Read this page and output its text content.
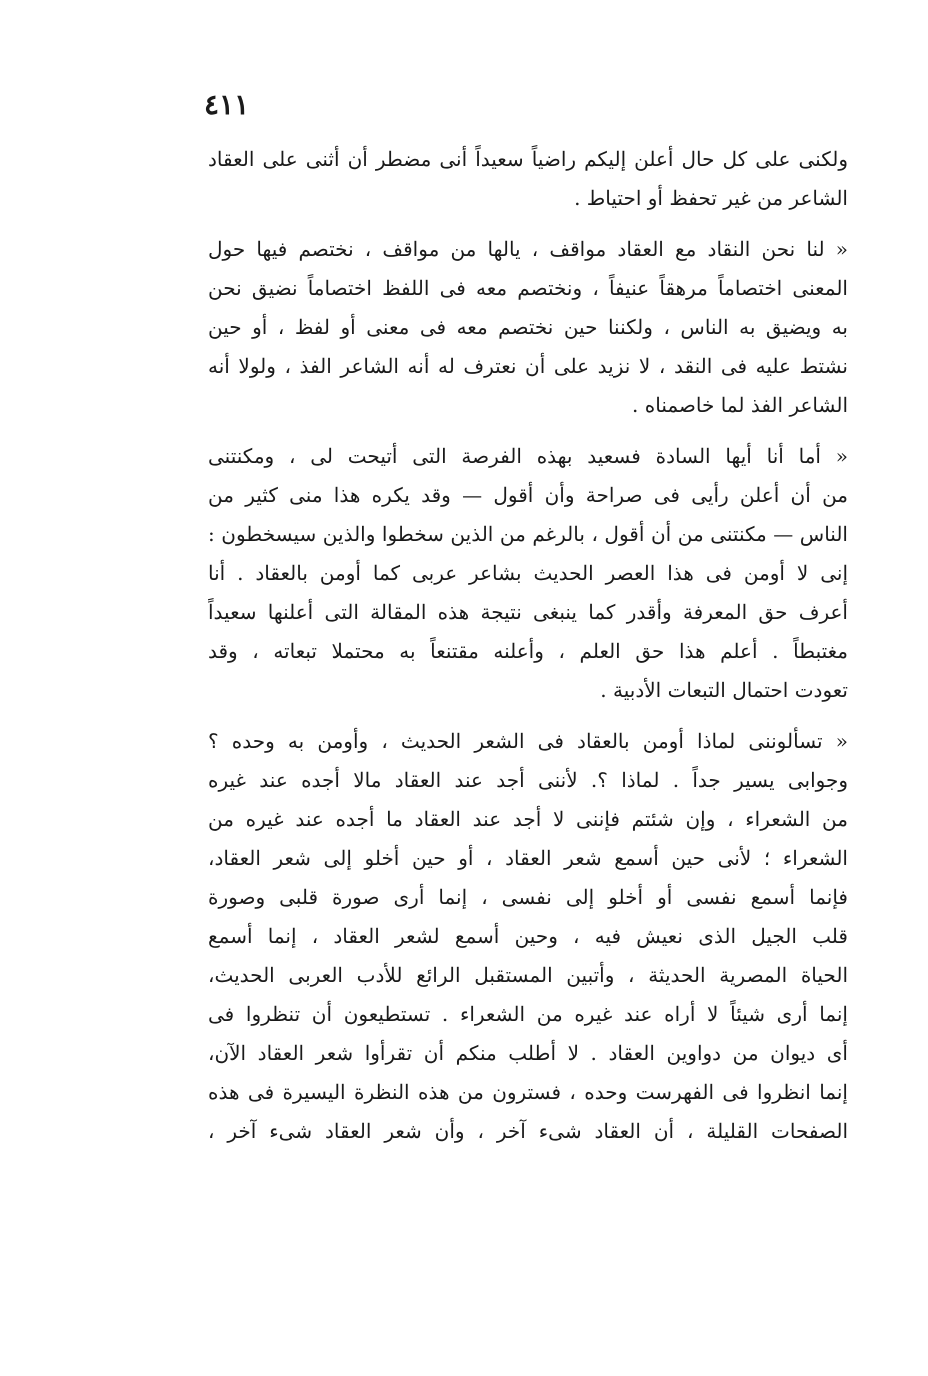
٤١١
ولكنى على كل حال أعلن إليكم راضياً سعيداً أنى مضطر أن أثنى على العقاد
الشاعر من غير تحفظ أو احتياط .
« لنا نحن النقاد مع العقاد مواقف ، يالها من مواقف ، نختصم فيها حول
المعنى اختصاماً مرهقاً عنيفاً ، ونختصم معه فى اللفظ اختصاماً نضيق نحن
به ويضيق به الناس ، ولكننا حين نختصم معه فى معنى أو لفظ ، أو حين
نشتط عليه فى النقد ، لا نزيد على أن نعترف له أنه الشاعر الفذ ، ولولا أنه
الشاعر الفذ لما خاصمناه .
« أما أنا أيها السادة فسعيد بهذه الفرصة التى أتيحت لى ، ومكنتنى
من أن أعلن رأيى فى صراحة وأن أقول — وقد يكره هذا منى كثير من
الناس — مكنتنى من أن أقول ، بالرغم من الذين سخطوا والذين سيسخطون :
إنى لا أومن فى هذا العصر الحديث بشاعر عربى كما أومن بالعقاد . أنا
أعرف حق المعرفة وأقدر كما ينبغى نتيجة هذه المقالة التى أعلنها سعيداً
مغتبطاً . أعلم هذا حق العلم ، وأعلنه مقتنعاً به محتملا تبعاته ، وقد
تعودت احتمال التبعات الأدبية .
« تسألوننى لماذا أومن بالعقاد فى الشعر الحديث ، وأومن به وحده ؟
وجوابى يسير جداً . لماذا ؟. لأننى أجد عند العقاد مالا أجده عند غيره
من الشعراء ، وإن شئتم فإننى لا أجد عند العقاد ما أجده عند غيره من
الشعراء ؛ لأنى حين أسمع شعر العقاد ، أو حين أخلو إلى شعر العقاد،
فإنما أسمع نفسى أو أخلو إلى نفسى ، إنما أرى صورة قلبى وصورة
قلب الجيل الذى نعيش فيه ، وحين أسمع لشعر العقاد ، إنما أسمع
الحياة المصرية الحديثة ، وأتبين المستقبل الرائع للأدب العربى الحديث،
إنما أرى شيئاً لا أراه عند غيره من الشعراء . تستطيعون أن تنظروا فى
أى ديوان من دواوين العقاد . لا أطلب منكم أن تقرأوا شعر العقاد الآن،
إنما انظروا فى الفهرست وحده ، فسترون من هذه النظرة اليسيرة فى هذه
الصفحات القليلة ، أن العقاد شىء آخر ، وأن شعر العقاد شىء آخر ،
